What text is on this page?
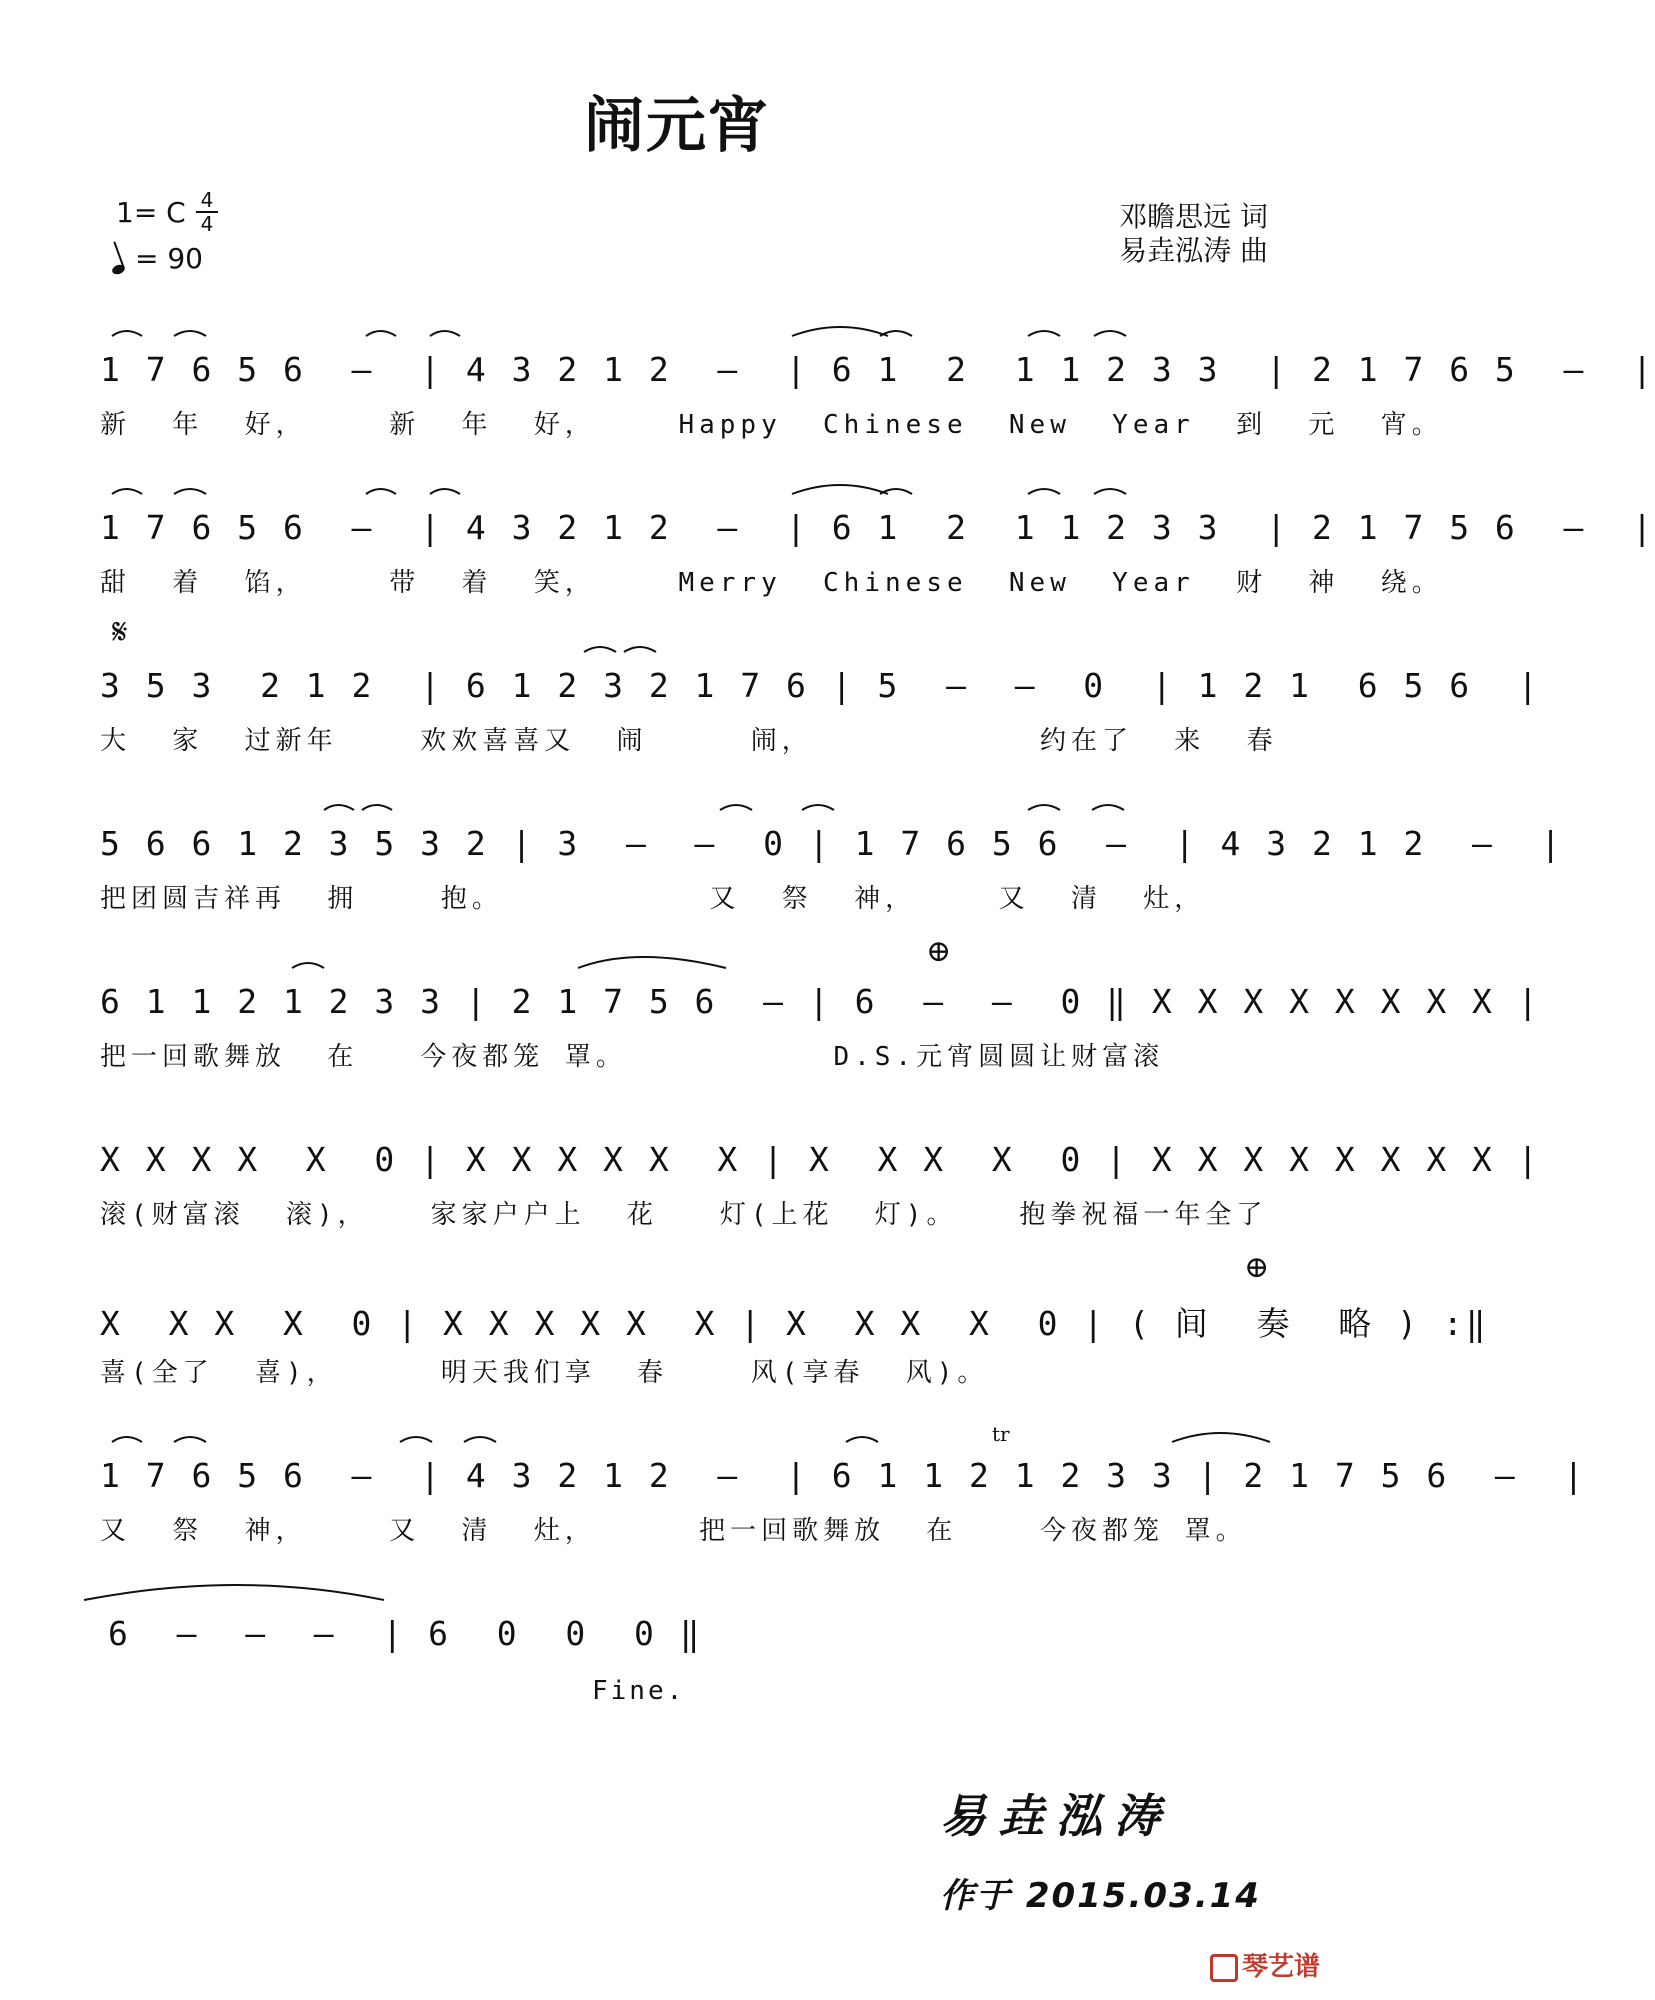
闹元宵
1= C 4
4
= 90
邓瞻思远 词
易垚泓涛 曲
1 7 6 5 6  –  | 4 3 2 1 2  –  | 6 1  2  1 1 2 3 3  | 2 1 7 6 5  –  |
新  年  好，    新  年  好，    Happy  Chinese  New  Year  到  元  宵。
1 7 6 5 6  –  | 4 3 2 1 2  –  | 6 1  2  1 1 2 3 3  | 2 1 7 5 6  –  |
甜  着  馅，    带  着  笑，    Merry  Chinese  New  Year  财  神  绕。
𝄋
3 5 3  2 1 2  | 6 1 2 3 2 1 7 6 | 5  –  –  0  | 1 2 1  6 5 6  |
大  家  过新年    欢欢喜喜又  闹     闹，           约在了  来  春
5 6 6 1 2 3 5 3 2 | 3  –  –  0 | 1 7 6 5 6  –  | 4 3 2 1 2  –  |
把团圆吉祥再  拥    抱。          又  祭  神，    又  清  灶，
⊕
6 1 1 2 1 2 3 3 | 2 1 7 5 6  – | 6  –  –  0 ‖ X X X X X X X X |
把一回歌舞放  在   今夜都笼 罩。          D.S.元宵圆圆让财富滚
X X X X  X  0 | X X X X X  X | X  X X  X  0 | X X X X X X X X |
滚(财富滚  滚)，   家家户户上  花   灯(上花  灯)。   抱拳祝福一年全了
⊕
X  X X  X  0 | X X X X X  X | X  X X  X  0 | ( 间  奏  略 ) :‖
喜(全了  喜)，     明天我们享  春    风(享春  风)。
tr
1 7 6 5 6  –  | 4 3 2 1 2  –  | 6 1 1 2 1 2 3 3 | 2 1 7 5 6  –  |
又  祭  神，    又  清  灶，     把一回歌舞放  在    今夜都笼 罩。
6  –  –  –  | 6  0  0  0 ‖
Fine.
易垚泓涛
作于 2015.03.14
琴艺谱
